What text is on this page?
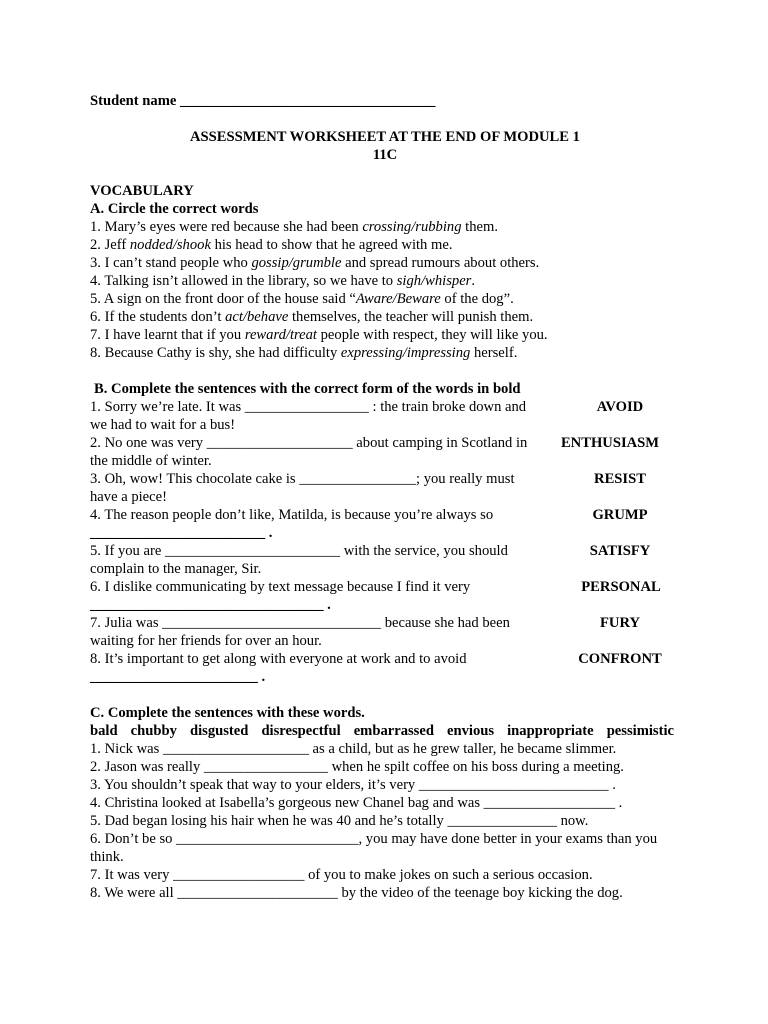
Student name ___________________________________
ASSESSMENT WORKSHEET AT THE END OF MODULE 1
11C
VOCABULARY
A. Circle the correct words
1. Mary’s eyes were red because she had been crossing/rubbing them.
2. Jeff nodded/shook his head to show that he agreed with me.
3. I can’t stand people who gossip/grumble and spread rumours about others.
4. Talking isn’t allowed in the library, so we have to sigh/whisper.
5. A sign on the front door of the house said “Aware/Beware of the dog”.
6. If the students don’t act/behave themselves, the teacher will punish them.
7. I have learnt that if you reward/treat people with respect, they will like you.
8. Because Cathy is shy, she had difficulty expressing/impressing herself.
B. Complete the sentences with the correct form of the words in bold
1. Sorry we’re late. It was _________________ : the train broke down and
we had to wait for a bus!
AVOID
2. No one was very ____________________ about camping in Scotland in
the middle of winter.
ENTHUSIASM
3. Oh, wow! This chocolate cake is ________________; you really must
have a piece!
RESIST
4. The reason people don’t like, Matilda, is because you’re always so
________________________ .
GRUMP
5. If you are ________________________ with the service, you should
complain to the manager, Sir.
SATISFY
6. I dislike communicating by text message because I find it very
________________________________ .
PERSONAL
7. Julia was ______________________________ because she had been
waiting for her friends for over an hour.
FURY
8. It’s important to get along with everyone at work and to avoid
_______________________ .
CONFRONT
C. Complete the sentences with these words.
bald chubby disgusted disrespectful embarrassed envious inappropriate pessimistic
1. Nick was ____________________ as a child, but as he grew taller, he became slimmer.
2. Jason was really _________________ when he spilt coffee on his boss during a meeting.
3. You shouldn’t speak that way to your elders, it’s very __________________________ .
4. Christina looked at Isabella’s gorgeous new Chanel bag and was __________________ .
5. Dad began losing his hair when he was 40 and he’s totally _______________ now.
6. Don’t be so _________________________, you may have done better in your exams than you
think.
7. It was very __________________ of you to make jokes on such a serious occasion.
8. We were all ______________________ by the video of the teenage boy kicking the dog.
